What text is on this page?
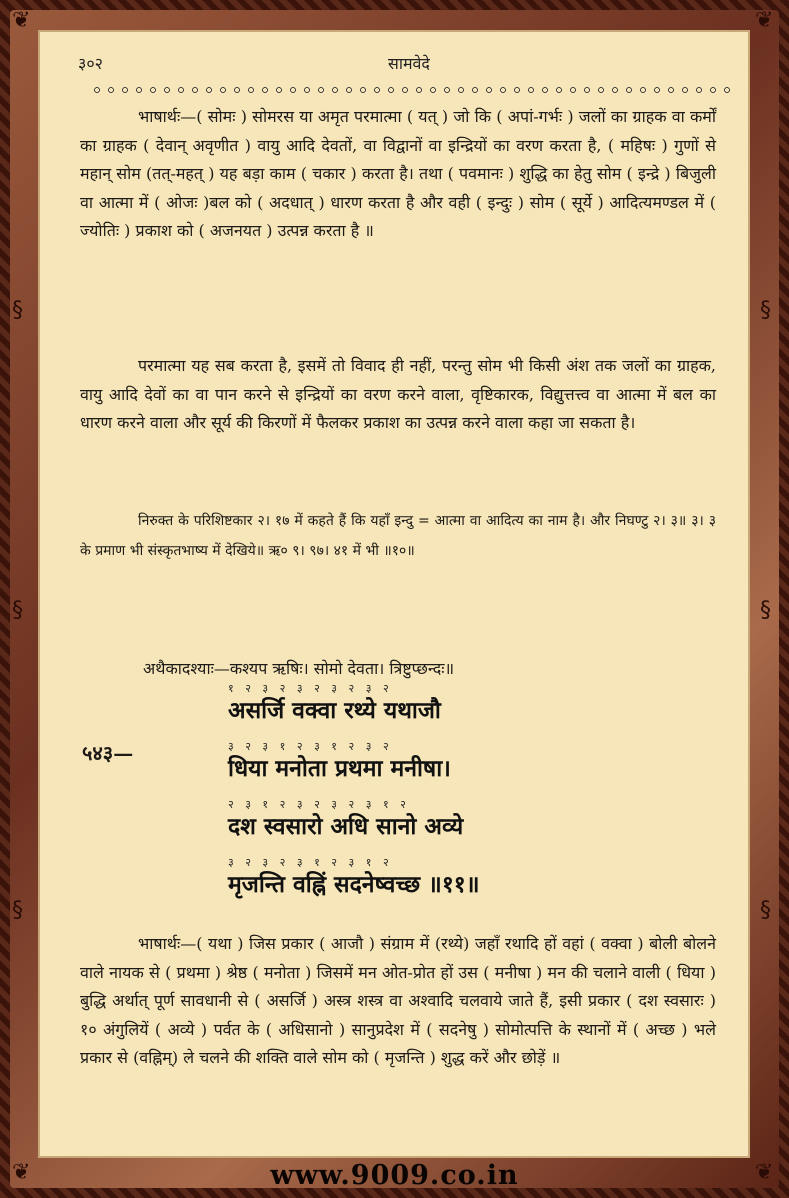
❦	❦
❦	❦
§
§
§
§
§
§
३०२	सामवेदे
भाषार्थः—( सोमः ) सोमरस या अमृत परमात्मा ( यत् ) जो कि ( अपां-गर्भः ) जलों का ग्राहक वा कर्मों का ग्राहक ( देवान् अवृणीत ) वायु आदि देवतों, वा विद्वानों वा इन्द्रियों का वरण करता है, ( महिषः ) गुणों से महान् सोम (तत्-महत् ) यह बड़ा काम ( चकार ) करता है। तथा ( पवमानः ) शुद्धि का हेतु सोम ( इन्द्रे ) बिजुली वा आत्मा में ( ओजः )बल को ( अदधात् ) धारण करता है और वही ( इन्दुः ) सोम ( सूर्ये ) आदित्यमण्डल में ( ज्योतिः ) प्रकाश को ( अजनयत ) उत्पन्न करता है ॥
परमात्मा यह सब करता है, इसमें तो विवाद ही नहीं, परन्तु सोम भी किसी अंश तक जलों का ग्राहक, वायु आदि देवों का वा पान करने से इन्द्रियों का वरण करने वाला, वृष्टिकारक, विद्युत्तत्त्व वा आत्मा में बल का धारण करने वाला और सूर्य की किरणों में फैलकर प्रकाश का उत्पन्न करने वाला कहा जा सकता है।
निरुक्त के परिशिष्टकार २। १७ में कहते हैं कि यहाँ इन्दु = आत्मा वा आदित्य का नाम है। और निघण्टु २। ३॥ ३। ३ के प्रमाण भी संस्कृतभाष्य में देखिये॥ ऋ० ९। ९७। ४१ में भी ॥१०॥
अथैकादश्याः—कश्यप ऋषिः। सोमो देवता। त्रिष्टुप्छन्दः॥
५४३—
१ २ ३ २ ३ २ ३ २ ३ २
असर्जि वक्वा रथ्ये यथाजौ
३ २ ३ १ २ ३ १ २ ३ २
धिया मनोता प्रथमा मनीषा।
२ ३ १ २ ३ २ ३ २ ३ १ २
दश स्वसारो अधि सानो अव्ये
३ २ ३ २ ३ १ २ ३ १ २
मृजन्ति वह्निं सदनेष्वच्छ ॥११॥
भाषार्थः—( यथा ) जिस प्रकार ( आजौ ) संग्राम में (रथ्ये) जहाँ रथादि हों वहां ( वक्वा ) बोली बोलने वाले नायक से ( प्रथमा ) श्रेष्ठ ( मनोता ) जिसमें मन ओत-प्रोत हों उस ( मनीषा ) मन की चलाने वाली ( धिया ) बुद्धि अर्थात् पूर्ण सावधानी से ( असर्जि ) अस्त्र शस्त्र वा अश्वादि चलवाये जाते हैं, इसी प्रकार ( दश स्वसारः ) १० अंगुलियें ( अव्ये ) पर्वत के ( अधिसानो ) सानुप्रदेश में ( सदनेषु ) सोमोत्पत्ति के स्थानों में ( अच्छ ) भले प्रकार से (वह्निम्) ले चलने की शक्ति वाले सोम को ( मृजन्ति ) शुद्ध करें और छोड़ें ॥
www.9009.co.in
